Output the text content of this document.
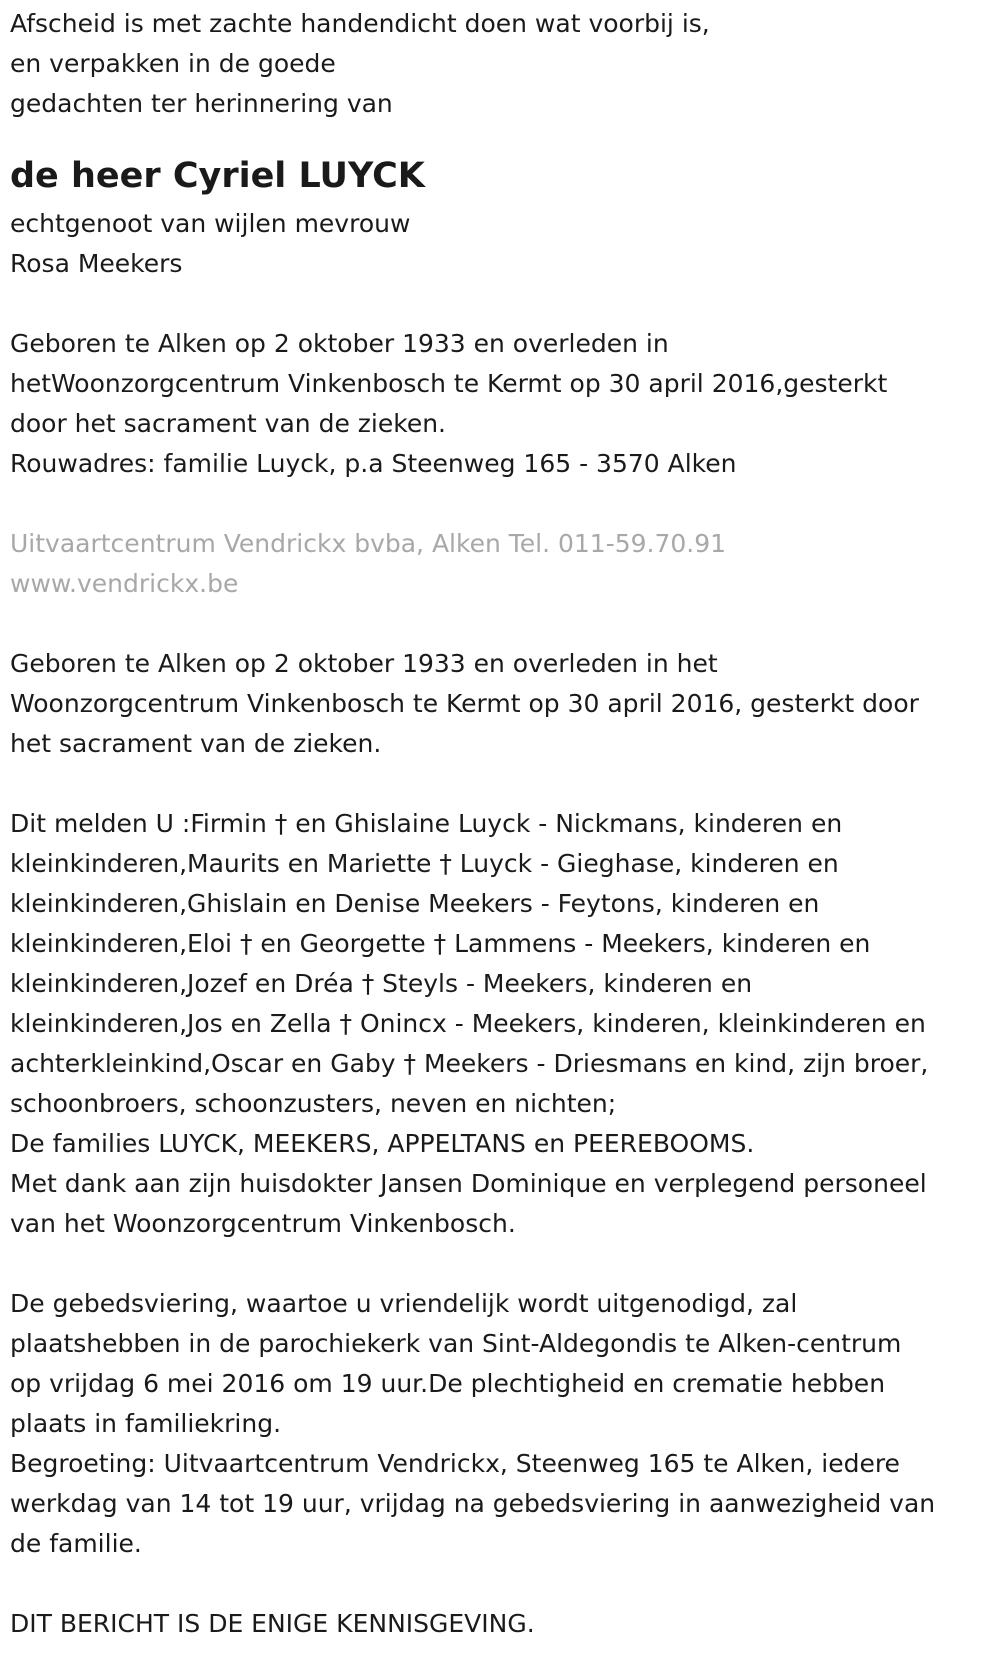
Afscheid is met zachte handendicht doen wat voorbij is,
en verpakken in de goede
gedachten ter herinnering van
de heer Cyriel LUYCK
echtgenoot van wijlen mevrouw
Rosa Meekers
Geboren te Alken op 2 oktober 1933 en overleden in
hetWoonzorgcentrum Vinkenbosch te Kermt op 30 april 2016,gesterkt
door het sacrament van de zieken.
Rouwadres: familie Luyck, p.a Steenweg 165 - 3570 Alken
Uitvaartcentrum Vendrickx bvba, Alken Tel. 011-59.70.91
www.vendrickx.be
Geboren te Alken op 2 oktober 1933 en overleden in het
Woonzorgcentrum Vinkenbosch te Kermt op 30 april 2016, gesterkt door
het sacrament van de zieken.
Dit melden U :Firmin † en Ghislaine Luyck - Nickmans, kinderen en
kleinkinderen,Maurits en Mariette † Luyck - Gieghase, kinderen en
kleinkinderen,Ghislain en Denise Meekers - Feytons, kinderen en
kleinkinderen,Eloi † en Georgette † Lammens - Meekers, kinderen en
kleinkinderen,Jozef en Dréa † Steyls - Meekers, kinderen en
kleinkinderen,Jos en Zella † Onincx - Meekers, kinderen, kleinkinderen en
achterkleinkind,Oscar en Gaby † Meekers - Driesmans en kind, zijn broer,
schoonbroers, schoonzusters, neven en nichten;
De families LUYCK, MEEKERS, APPELTANS en PEEREBOOMS.
Met dank aan zijn huisdokter Jansen Dominique en verplegend personeel
van het Woonzorgcentrum Vinkenbosch.
De gebedsviering, waartoe u vriendelijk wordt uitgenodigd, zal
plaatshebben in de parochiekerk van Sint-Aldegondis te Alken-centrum
op vrijdag 6 mei 2016 om 19 uur.De plechtigheid en crematie hebben
plaats in familiekring.
Begroeting: Uitvaartcentrum Vendrickx, Steenweg 165 te Alken, iedere
werkdag van 14 tot 19 uur, vrijdag na gebedsviering in aanwezigheid van
de familie.
DIT BERICHT IS DE ENIGE KENNISGEVING.
